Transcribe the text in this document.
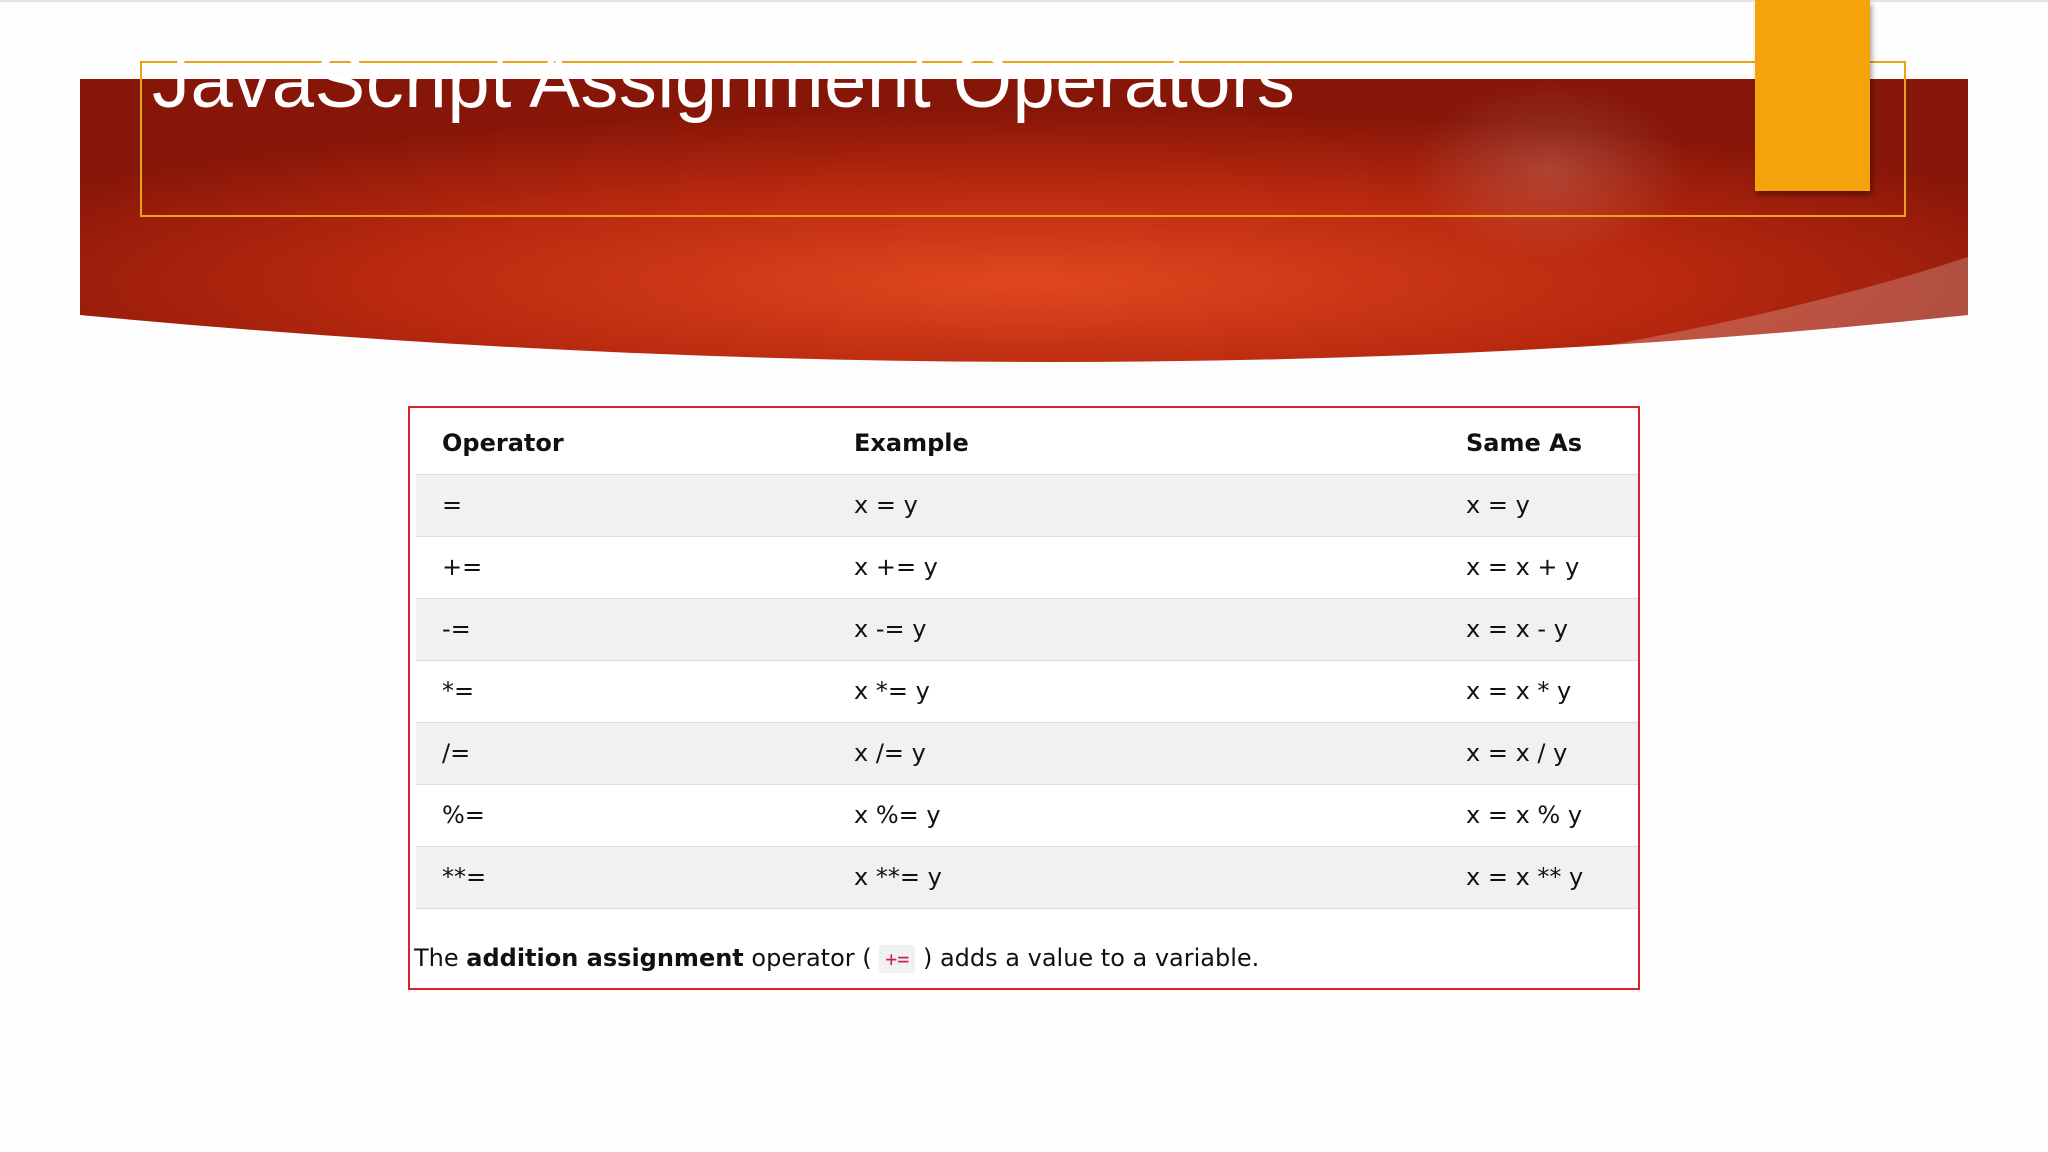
JavaScript Assignment Operators
Operator	Example	Same As
=	x = y	x = y
+=	x += y	x = x + y
-=	x -= y	x = x - y
*=	x *= y	x = x * y
/=	x /= y	x = x / y
%=	x %= y	x = x % y
**=	x **= y	x = x ** y

The addition assignment operator ( += ) adds a value to a variable.
